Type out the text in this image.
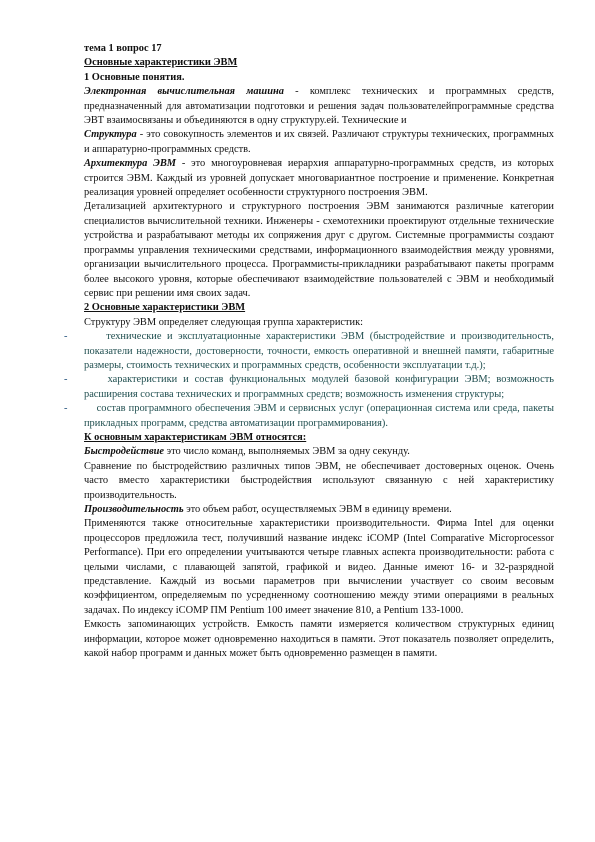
тема 1 вопрос 17

Основные характеристики ЭВМ

1 Основные понятия.

Электронная вычислительная машина - комплекс технических и программных средств, предназначенный для автоматизации подготовки и решения задач пользователейпрограммные средства ЭВТ взаимосвязаны и объединяются в одну структуру.ей. Технические и

Структура - это совокупность элементов и их связей. Различают структуры технических, программных и аппаратурно-программных средств.

Архитектура ЭВМ - это многоуровневая иерархия аппаратурно-программных средств, из которых строится ЭВМ. Каждый из уровней допускает многовариантное построение и применение. Конкретная реализация уровней определяет особенности структурного построения ЭВМ.

Детализацией архитектурного и структурного построения ЭВМ занимаются различные категории специалистов вычислительной техники. Инженеры - схемотехники проектируют отдельные технические устройства и разрабатывают методы их сопряжения друг с другом. Системные программисты создают программы управления техническими средствами, информационного взаимодействия между уровнями, организации вычислительного процесса. Программисты-прикладники разрабатывают пакеты программ более высокого уровня, которые обеспечивают взаимодействие пользователей с ЭВМ и необходимый сервис при решении имя своих задач.

2 Основные характеристики ЭВМ

Структуру ЭВМ определяет следующая группа характеристик:

-	технические и эксплуатационные характеристики ЭВМ (быстродействие и производительность, показатели надежности, достоверности, точности, емкость оперативной и внешней памяти, габаритные размеры, стоимость технических и программных средств, особенности эксплуатации т.д.);

-	характеристики и состав функциональных модулей базовой конфигурации ЭВМ; возможность расширения состава технических и программных средств; возможность изменения структуры;

-	состав программного обеспечения ЭВМ и сервисных услуг (операционная система или среда, пакеты прикладных программ, средства автоматизации программирования).

К основным характеристикам ЭВМ относятся:

Быстродействие это число команд, выполняемых ЭВМ за одну секунду.

Сравнение по быстродействию различных типов ЭВМ, не обеспечивает достоверных оценок. Очень часто вместо характеристики быстродействия используют связанную с ней характеристику производительность.

Производительность это объем работ, осуществляемых ЭВМ в единицу времени.

Применяются также относительные характеристики производительности. Фирма Intel для оценки процессоров предложила тест, получивший название индекс iCOMP (Intel Comparative Microprocessor Performance). При его определении учитываются четыре главных аспекта производительности: работа с целыми числами, с плавающей запятой, графикой и видео. Данные имеют 16- и 32-разрядной представление. Каждый из восьми параметров при вычислении участвует со своим весовым коэффициентом, определяемым по усредненному соотношению между этими операциями в реальных задачах. По индексу iCOMP ПМ Pentium 100 имеет значение 810, а Pentium 133-1000.

Емкость запоминающих устройств. Емкость памяти измеряется количеством структурных единиц информации, которое может одновременно находиться в памяти. Этот показатель позволяет определить, какой набор программ и данных может быть одновременно размещен в памяти.
